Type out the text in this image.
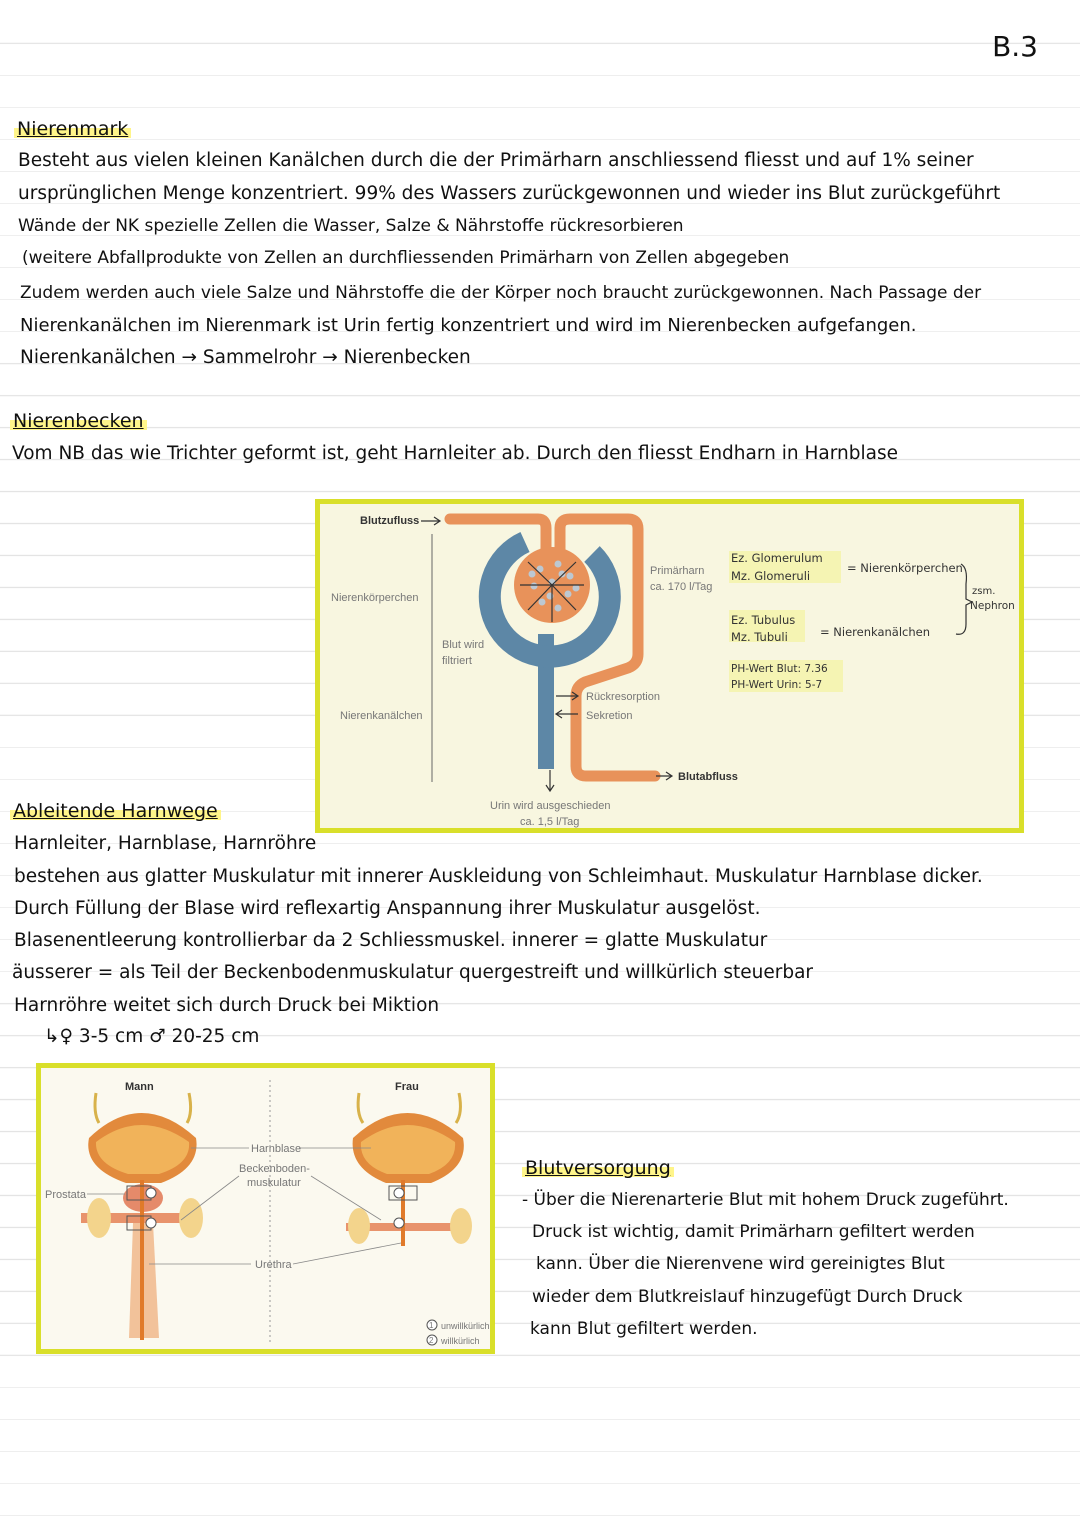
B.3
Nierenmark
Besteht aus vielen kleinen Kanälchen durch die der Primärharn anschliessend fliesst und auf 1% seiner
ursprünglichen Menge konzentriert. 99% des Wassers zurückgewonnen und wieder ins Blut zurückgeführt
Wände der NK spezielle Zellen die Wasser, Salze & Nährstoffe rückresorbieren
(weitere Abfallprodukte von Zellen an durchfliessenden Primärharn von Zellen abgegeben
Zudem werden auch viele Salze und Nährstoffe die der Körper noch braucht zurückgewonnen. Nach Passage der
Nierenkanälchen im Nierenmark ist Urin fertig konzentriert und wird im Nierenbecken aufgefangen.
Nierenkanälchen → Sammelrohr → Nierenbecken
Nierenbecken
Vom NB das wie Trichter geformt ist, geht Harnleiter ab. Durch den fliesst Endharn in Harnblase
Blutzufluss
Nierenkörperchen
Nierenkanälchen
Blut wird
filtriert
Primärharn
ca. 170 l/Tag
Rückresorption
Sekretion
Blutabfluss
Urin wird ausgeschieden
ca. 1,5 l/Tag
Ez. Glomerulum
Mz. Glomeruli
= Nierenkörperchen
Ez. Tubulus
Mz. Tubuli	= Nierenkanälchen
zsm.
Nephron
PH-Wert Blut: 7.36
PH-Wert Urin: 5-7
Ableitende Harnwege
Harnleiter, Harnblase, Harnröhre
bestehen aus glatter Muskulatur mit innerer Auskleidung von Schleimhaut. Muskulatur Harnblase dicker.
Durch Füllung der Blase wird reflexartig Anspannung ihrer Muskulatur ausgelöst.
Blasenentleerung kontrollierbar da 2 Schliessmuskel. innerer = glatte Muskulatur
äusserer = als Teil der Beckenbodenmuskulatur quergestreift und willkürlich steuerbar
Harnröhre weitet sich durch Druck bei Miktion
↳♀ 3-5 cm ♂ 20-25 cm
Mann	Frau
Harnblase
Beckenboden-
muskulatur
Prostata
Urethra
1 unwillkürlich
2 willkürlich
Blutversorgung
- Über die Nierenarterie Blut mit hohem Druck zugeführt.
Druck ist wichtig, damit Primärharn gefiltert werden
kann. Über die Nierenvene wird gereinigtes Blut
wieder dem Blutkreislauf hinzugefügt Durch Druck
kann Blut gefiltert werden.
